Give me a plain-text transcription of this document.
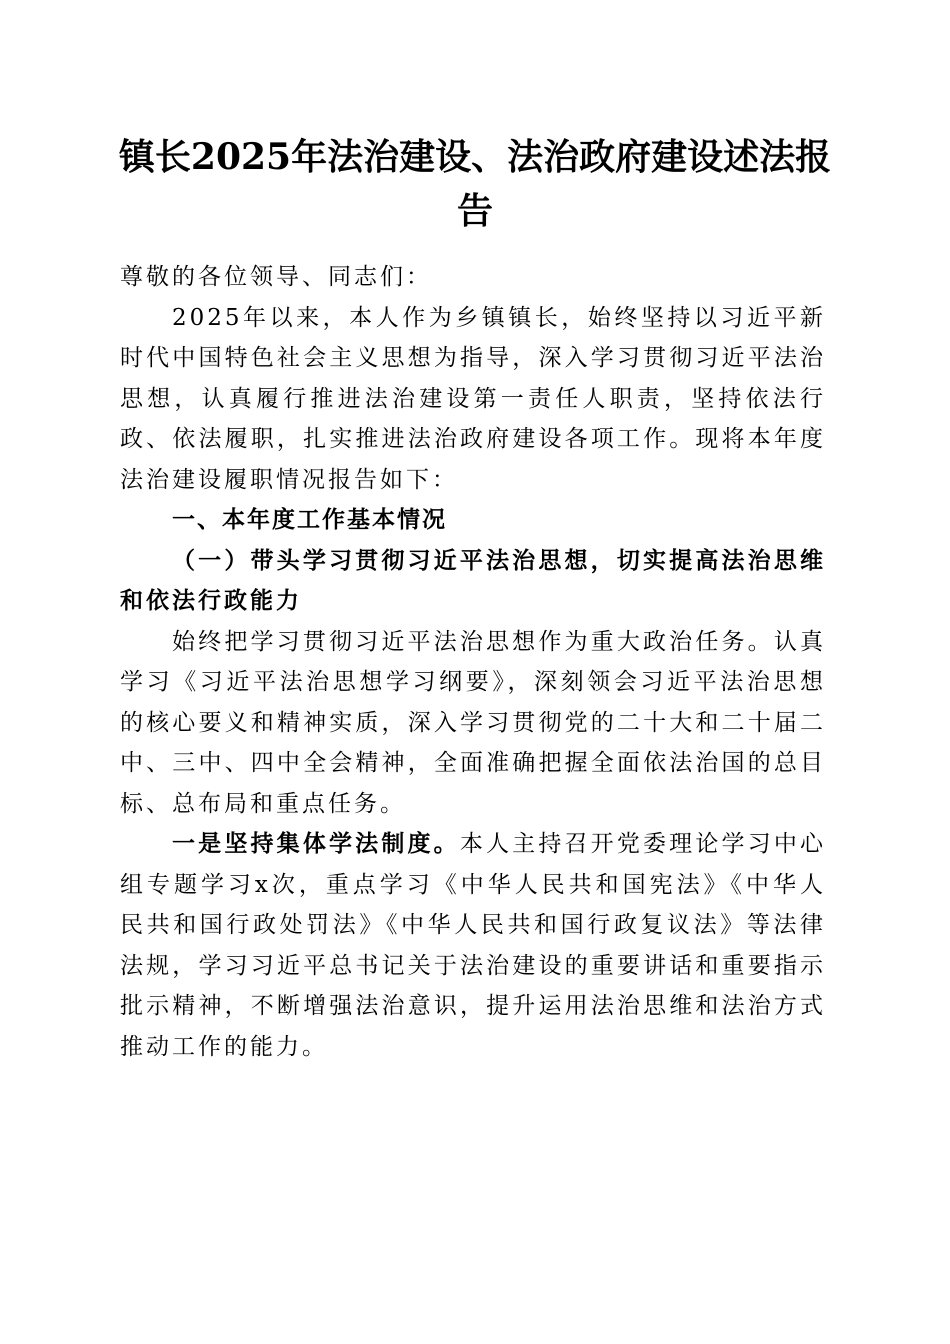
镇长2025年法治建设、法治政府建设述法报告

尊敬的各位领导、同志们：

2025年以来，本人作为乡镇镇长，始终坚持以习近平新时代中国特色社会主义思想为指导，深入学习贯彻习近平法治思想，认真履行推进法治建设第一责任人职责，坚持依法行政、依法履职，扎实推进法治政府建设各项工作。现将本年度法治建设履职情况报告如下：

一、本年度工作基本情况

（一）带头学习贯彻习近平法治思想，切实提高法治思维和依法行政能力

始终把学习贯彻习近平法治思想作为重大政治任务。认真学习《习近平法治思想学习纲要》，深刻领会习近平法治思想的核心要义和精神实质，深入学习贯彻党的二十大和二十届二中、三中、四中全会精神，全面准确把握全面依法治国的总目标、总布局和重点任务。

一是坚持集体学法制度。本人主持召开党委理论学习中心组专题学习x次，重点学习《中华人民共和国宪法》《中华人民共和国行政处罚法》《中华人民共和国行政复议法》等法律法规，学习习近平总书记关于法治建设的重要讲话和重要指示批示精神，不断增强法治意识，提升运用法治思维和法治方式推动工作的能力。
